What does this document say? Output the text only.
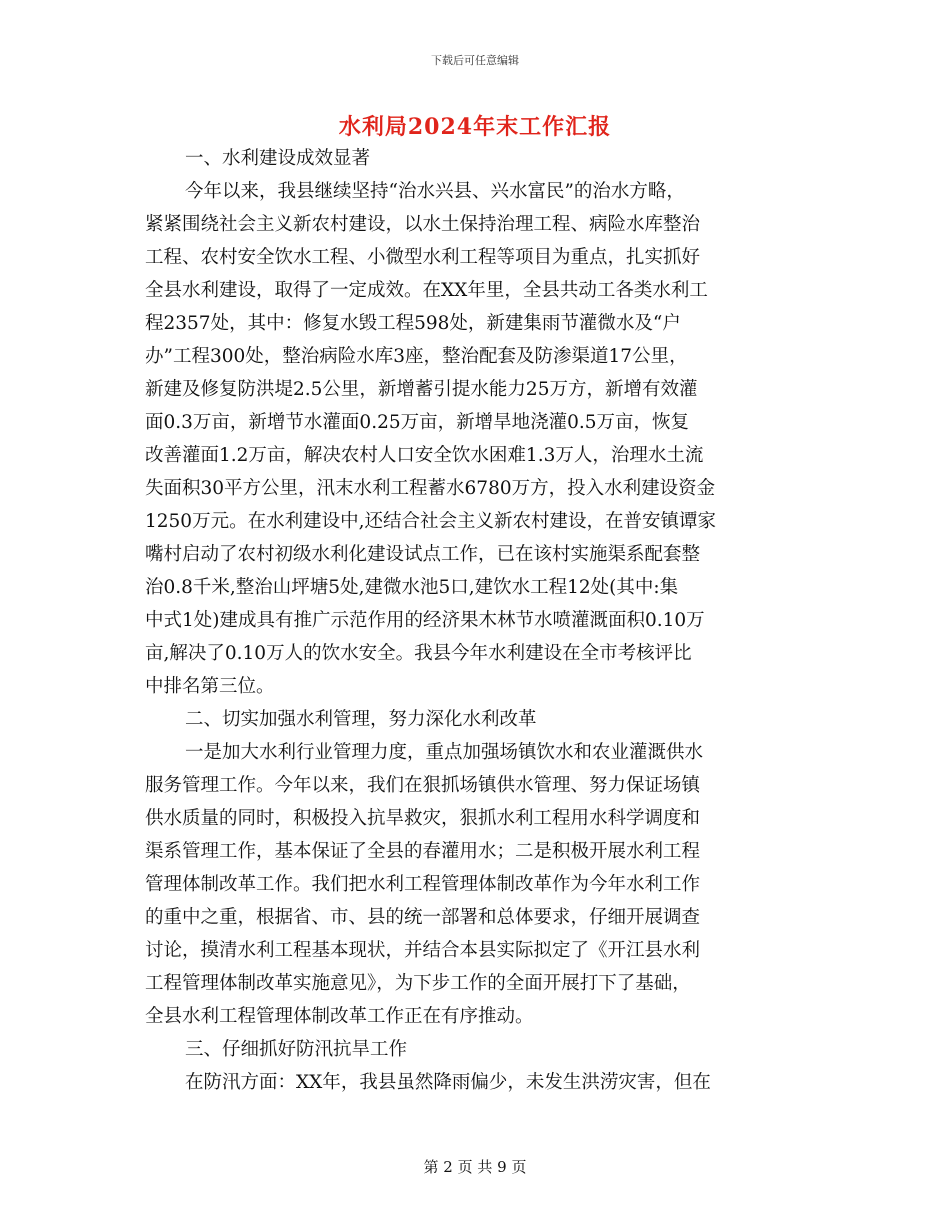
下载后可任意编辑
水利局2024年末工作汇报
一、水利建设成效显著
今年以来，我县继续坚持“治水兴县、兴水富民”的治水方略，
紧紧围绕社会主义新农村建设，以水土保持治理工程、病险水库整治
工程、农村安全饮水工程、小微型水利工程等项目为重点，扎实抓好
全县水利建设，取得了一定成效。在XX年里，全县共动工各类水利工
程2357处，其中：修复水毁工程598处，新建集雨节灌微水及“户
办”工程300处，整治病险水库3座，整治配套及防渗渠道17公里，
新建及修复防洪堤2.5公里，新增蓄引提水能力25万方，新增有效灌
面0.3万亩，新增节水灌面0.25万亩，新增旱地浇灌0.5万亩，恢复
改善灌面1.2万亩，解决农村人口安全饮水困难1.3万人，治理水土流
失面积30平方公里，汛末水利工程蓄水6780万方，投入水利建设资金
1250万元。在水利建设中,还结合社会主义新农村建设，在普安镇谭家
嘴村启动了农村初级水利化建设试点工作，已在该村实施渠系配套整
治0.8千米,整治山坪塘5处,建微水池5口,建饮水工程12处(其中:集
中式1处)建成具有推广示范作用的经济果木林节水喷灌溉面积0.10万
亩,解决了0.10万人的饮水安全。我县今年水利建设在全市考核评比
中排名第三位。
二、切实加强水利管理，努力深化水利改革
一是加大水利行业管理力度，重点加强场镇饮水和农业灌溉供水
服务管理工作。今年以来，我们在狠抓场镇供水管理、努力保证场镇
供水质量的同时，积极投入抗旱救灾，狠抓水利工程用水科学调度和
渠系管理工作，基本保证了全县的春灌用水；二是积极开展水利工程
管理体制改革工作。我们把水利工程管理体制改革作为今年水利工作
的重中之重，根据省、市、县的统一部署和总体要求，仔细开展调查
讨论，摸清水利工程基本现状，并结合本县实际拟定了《开江县水利
工程管理体制改革实施意见》，为下步工作的全面开展打下了基础，
全县水利工程管理体制改革工作正在有序推动。
三、仔细抓好防汛抗旱工作
在防汛方面：XX年，我县虽然降雨偏少，未发生洪涝灾害，但在
第 2 页 共 9 页
